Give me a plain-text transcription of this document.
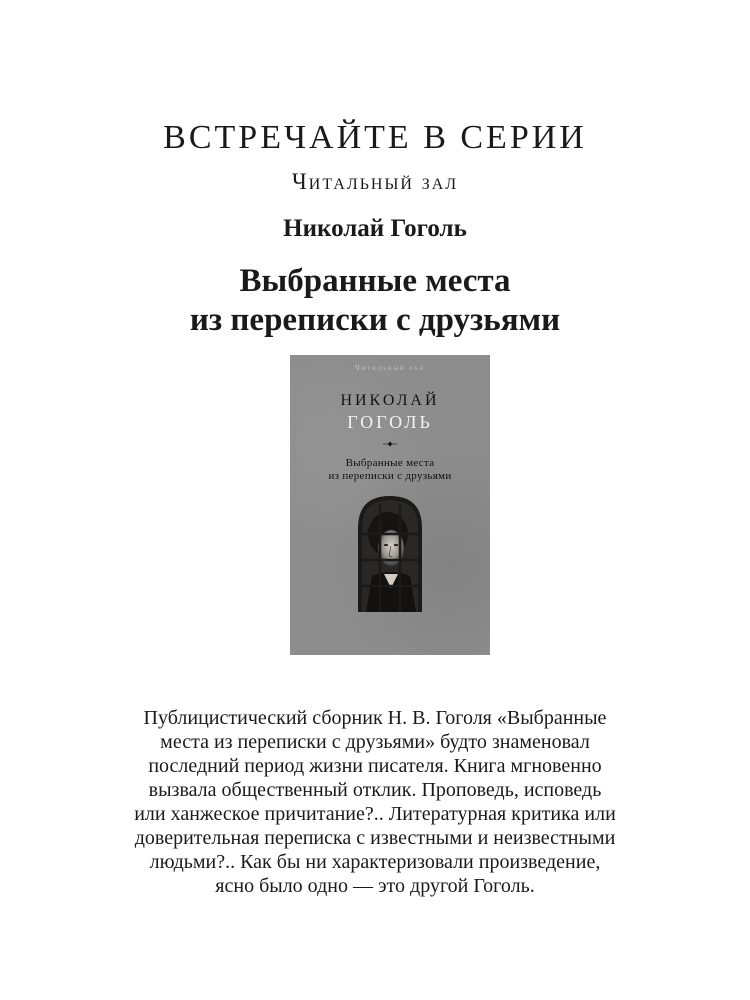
ВСТРЕЧАЙТЕ В СЕРИИ
Читальный зал
Николай Гоголь
Выбранные места
из переписки с друзьями
Читальный зал
НИКОЛАЙ
ГОГОЛЬ
Выбранные места
из переписки с друзьями
···
Публицистический сборник Н. В. Гоголя «Выбранные
места из переписки с друзьями» будто знаменовал
последний период жизни писателя. Книга мгновенно
вызвала общественный отклик. Проповедь, исповедь
или ханжеское причитание?.. Литературная критика или
доверительная переписка с известными и неизвестными
людьми?.. Как бы ни характеризовали произведение,
ясно было одно — это другой Гоголь.
